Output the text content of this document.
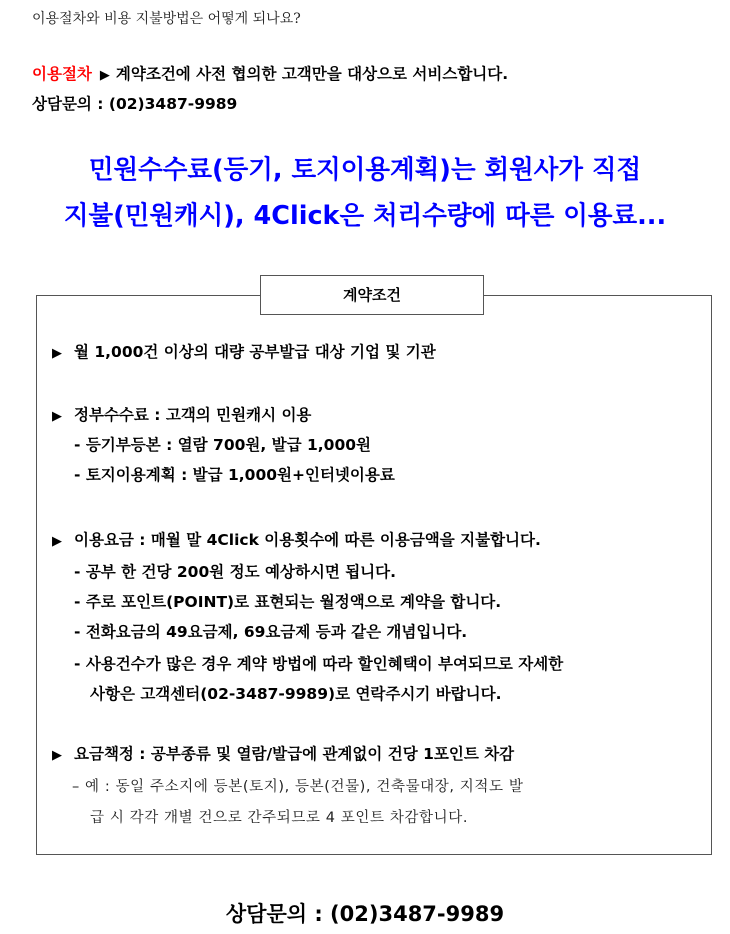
이용절차와 비용 지불방법은 어떻게 되나요?
이용절차 ▶ 계약조건에 사전 협의한 고객만을 대상으로 서비스합니다.
상담문의 : (02)3487-9989
민원수수료(등기, 토지이용계획)는 회원사가 직접
지불(민원캐시), 4Click은 처리수량에 따른 이용료...
계약조건
▶ 월 1,000건 이상의 대량 공부발급 대상 기업 및 기관
▶ 정부수수료 : 고객의 민원캐시 이용
- 등기부등본 : 열람 700원, 발급 1,000원
- 토지이용계획 : 발급 1,000원+인터넷이용료
▶ 이용요금 : 매월 말 4Click 이용횟수에 따른 이용금액을 지불합니다.
- 공부 한 건당 200원 정도 예상하시면 됩니다.
- 주로 포인트(POINT)로 표현되는 월정액으로 계약을 합니다.
- 전화요금의 49요금제, 69요금제 등과 같은 개념입니다.
- 사용건수가 많은 경우 계약 방법에 따라 할인혜택이 부여되므로 자세한
사항은 고객센터(02-3487-9989)로 연락주시기 바랍니다.
▶ 요금책정 : 공부종류 및 열람/발급에 관계없이 건당 1포인트 차감
– 예 : 동일 주소지에 등본(토지), 등본(건물), 건축물대장, 지적도 발
급 시 각각 개별 건으로 간주되므로 4 포인트 차감합니다.
상담문의 : (02)3487-9989
